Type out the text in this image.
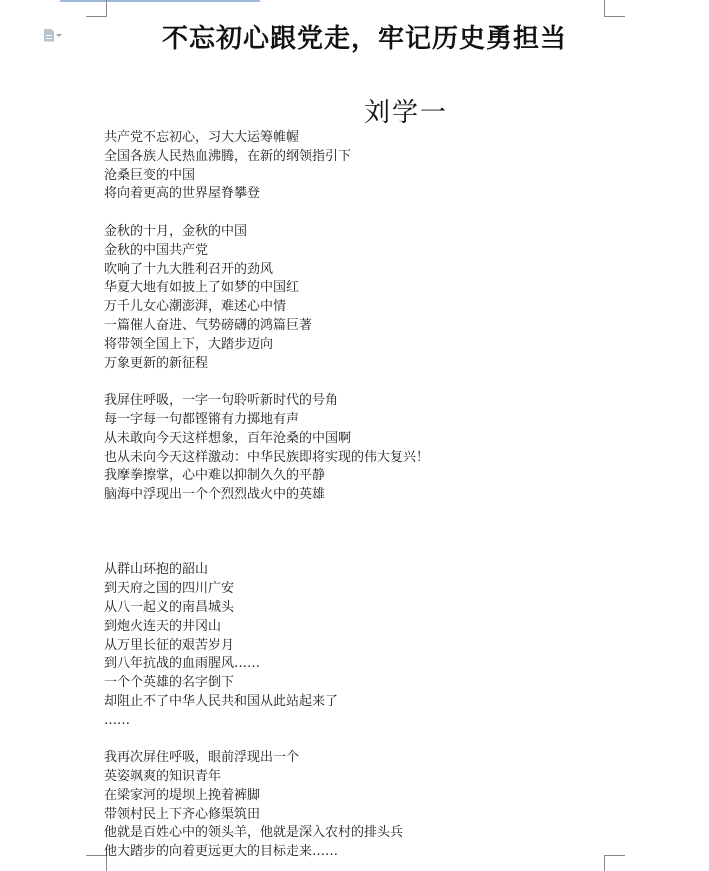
不忘初心跟党走，牢记历史勇担当
刘学一
共产党不忘初心，习大大运筹帷幄
全国各族人民热血沸腾，在新的纲领指引下
沧桑巨变的中国
将向着更高的世界屋脊攀登
金秋的十月，金秋的中国
金秋的中国共产党
吹响了十九大胜利召开的劲风
华夏大地有如披上了如梦的中国红
万千儿女心潮澎湃，难述心中情
一篇催人奋进、气势磅礴的鸿篇巨著
将带领全国上下，大踏步迈向
万象更新的新征程
我屏住呼吸，一字一句聆听新时代的号角
每一字每一句都铿锵有力掷地有声
从未敢向今天这样想象，百年沧桑的中国啊
也从未向今天这样激动：中华民族即将实现的伟大复兴！
我摩拳擦掌，心中难以抑制久久的平静
脑海中浮现出一个个烈烈战火中的英雄
从群山环抱的韶山
到天府之国的四川广安
从八一起义的南昌城头
到炮火连天的井冈山
从万里长征的艰苦岁月
到八年抗战的血雨腥风……
一个个英雄的名字倒下
却阻止不了中华人民共和国从此站起来了
……
我再次屏住呼吸，眼前浮现出一个
英姿飒爽的知识青年
在梁家河的堤坝上挽着裤脚
带领村民上下齐心修渠筑田
他就是百姓心中的领头羊，他就是深入农村的排头兵
他大踏步的向着更远更大的目标走来……
